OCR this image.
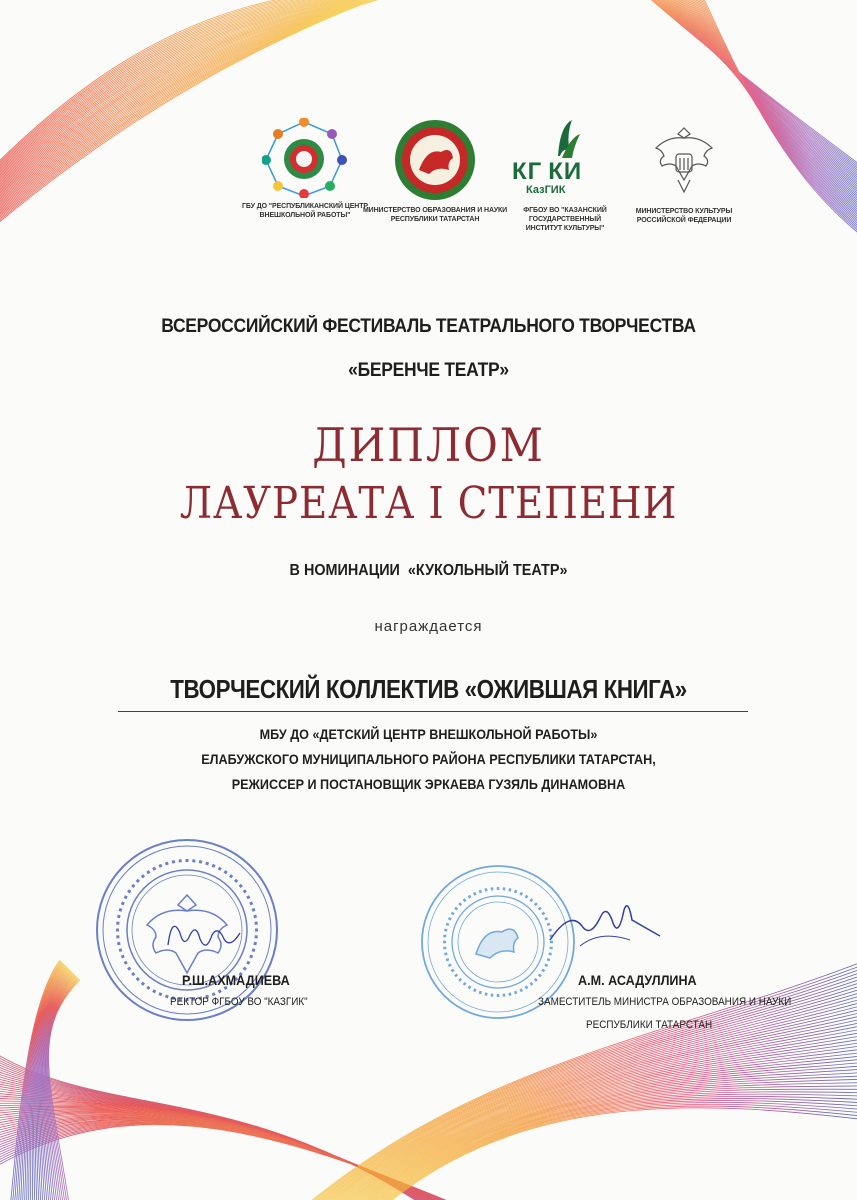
ГБУ ДО "РЕСПУБЛИКАНСКИЙ ЦЕНТР
ВНЕШКОЛЬНОЙ РАБОТЫ"
МИНИСТЕРСТВО ОБРАЗОВАНИЯ И НАУКИ
РЕСПУБЛИКИ ТАТАРСТАН
КГ КИ
КазГИК
ФГБОУ ВО "КАЗАНСКИЙ ГОСУДАРСТВЕННЫЙ
ИНСТИТУТ КУЛЬТУРЫ"
МИНИСТЕРСТВО КУЛЬТУРЫ
РОССИЙСКОЙ ФЕДЕРАЦИИ
ВСЕРОССИЙСКИЙ ФЕСТИВАЛЬ ТЕАТРАЛЬНОГО ТВОРЧЕСТВА
«БЕРЕНЧЕ ТЕАТР»
ДИПЛОМ
ЛАУРЕАТА I СТЕПЕНИ
В НОМИНАЦИИ  «КУКОЛЬНЫЙ ТЕАТР»
награждается
ТВОРЧЕСКИЙ КОЛЛЕКТИВ «ОЖИВШАЯ КНИГА»
МБУ ДО «ДЕТСКИЙ ЦЕНТР ВНЕШКОЛЬНОЙ РАБОТЫ»
ЕЛАБУЖСКОГО МУНИЦИПАЛЬНОГО РАЙОНА РЕСПУБЛИКИ ТАТАРСТАН,
РЕЖИССЕР И ПОСТАНОВЩИК ЭРКАЕВА ГУЗЯЛЬ ДИНАМОВНА
Р.Ш.АХМАДИЕВА
РЕКТОР ФГБОУ ВО "КАЗГИК"
А.М. АСАДУЛЛИНА
ЗАМЕСТИТЕЛЬ МИНИСТРА ОБРАЗОВАНИЯ И НАУКИ
РЕСПУБЛИКИ ТАТАРСТАН
